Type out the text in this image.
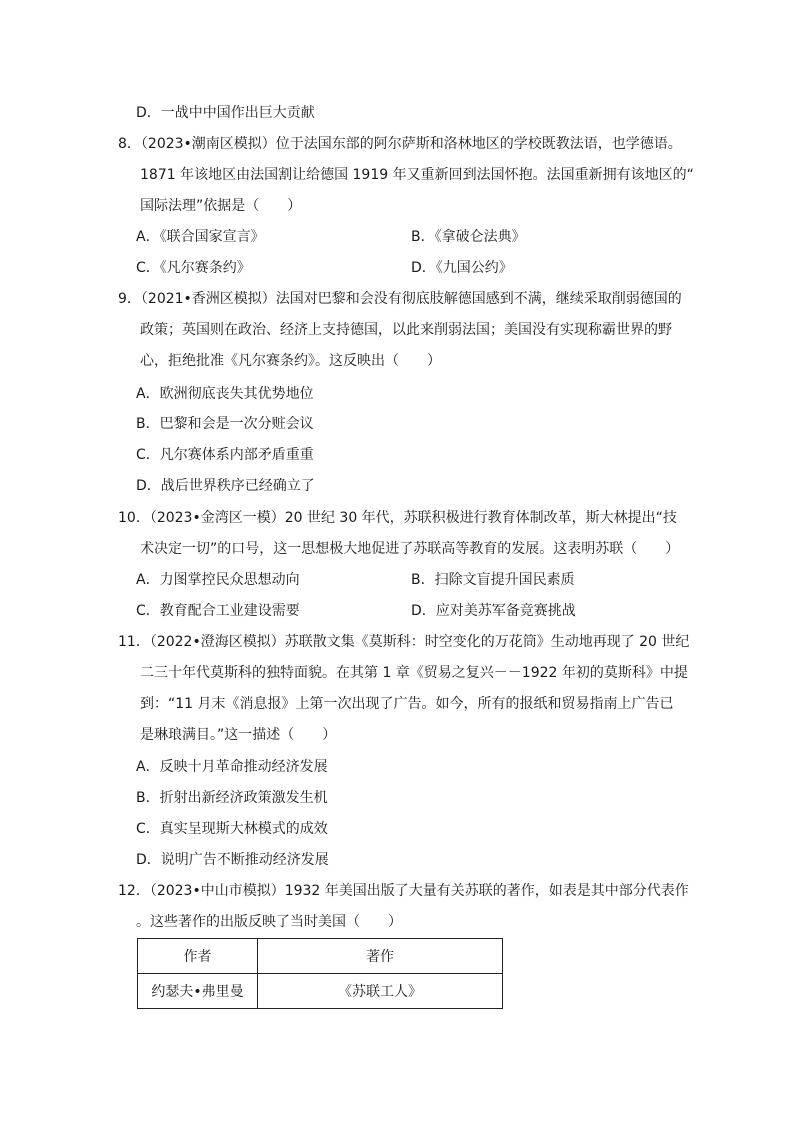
D．一战中中国作出巨大贡献
8．（2023•潮南区模拟）位于法国东部的阿尔萨斯和洛林地区的学校既教法语，也学德语。
1871 年该地区由法国割让给德国 1919 年又重新回到法国怀抱。法国重新拥有该地区的“
国际法理”依据是（　　）
A．《联合国家宣言》	B．《拿破仑法典》
C．《凡尔赛条约》	D．《九国公约》
9．（2021•香洲区模拟）法国对巴黎和会没有彻底肢解德国感到不满，继续采取削弱德国的
政策；英国则在政治、经济上支持德国，以此来削弱法国；美国没有实现称霸世界的野
心，拒绝批准《凡尔赛条约》。这反映出（　　）
A．欧洲彻底丧失其优势地位
B．巴黎和会是一次分赃会议
C．凡尔赛体系内部矛盾重重
D．战后世界秩序已经确立了
10．（2023•金湾区一模）20 世纪 30 年代，苏联积极进行教育体制改革，斯大林提出“技
术决定一切”的口号，这一思想极大地促进了苏联高等教育的发展。这表明苏联（　　）
A．力图掌控民众思想动向	B．扫除文盲提升国民素质
C．教育配合工业建设需要	D．应对美苏军备竞赛挑战
11．（2022•澄海区模拟）苏联散文集《莫斯科：时空变化的万花筒》生动地再现了 20 世纪
二三十年代莫斯科的独特面貌。在其第 1 章《贸易之复兴－－1922 年初的莫斯科》中提
到：“11 月末《消息报》上第一次出现了广告。如今，所有的报纸和贸易指南上广告已
是琳琅满目。”这一描述（　　）
A．反映十月革命推动经济发展
B．折射出新经济政策激发生机
C．真实呈现斯大林模式的成效
D．说明广告不断推动经济发展
12．（2023•中山市模拟）1932 年美国出版了大量有关苏联的著作，如表是其中部分代表作
。这些著作的出版反映了当时美国（　　）
作者	著作
约瑟夫•弗里曼	《苏联工人》
